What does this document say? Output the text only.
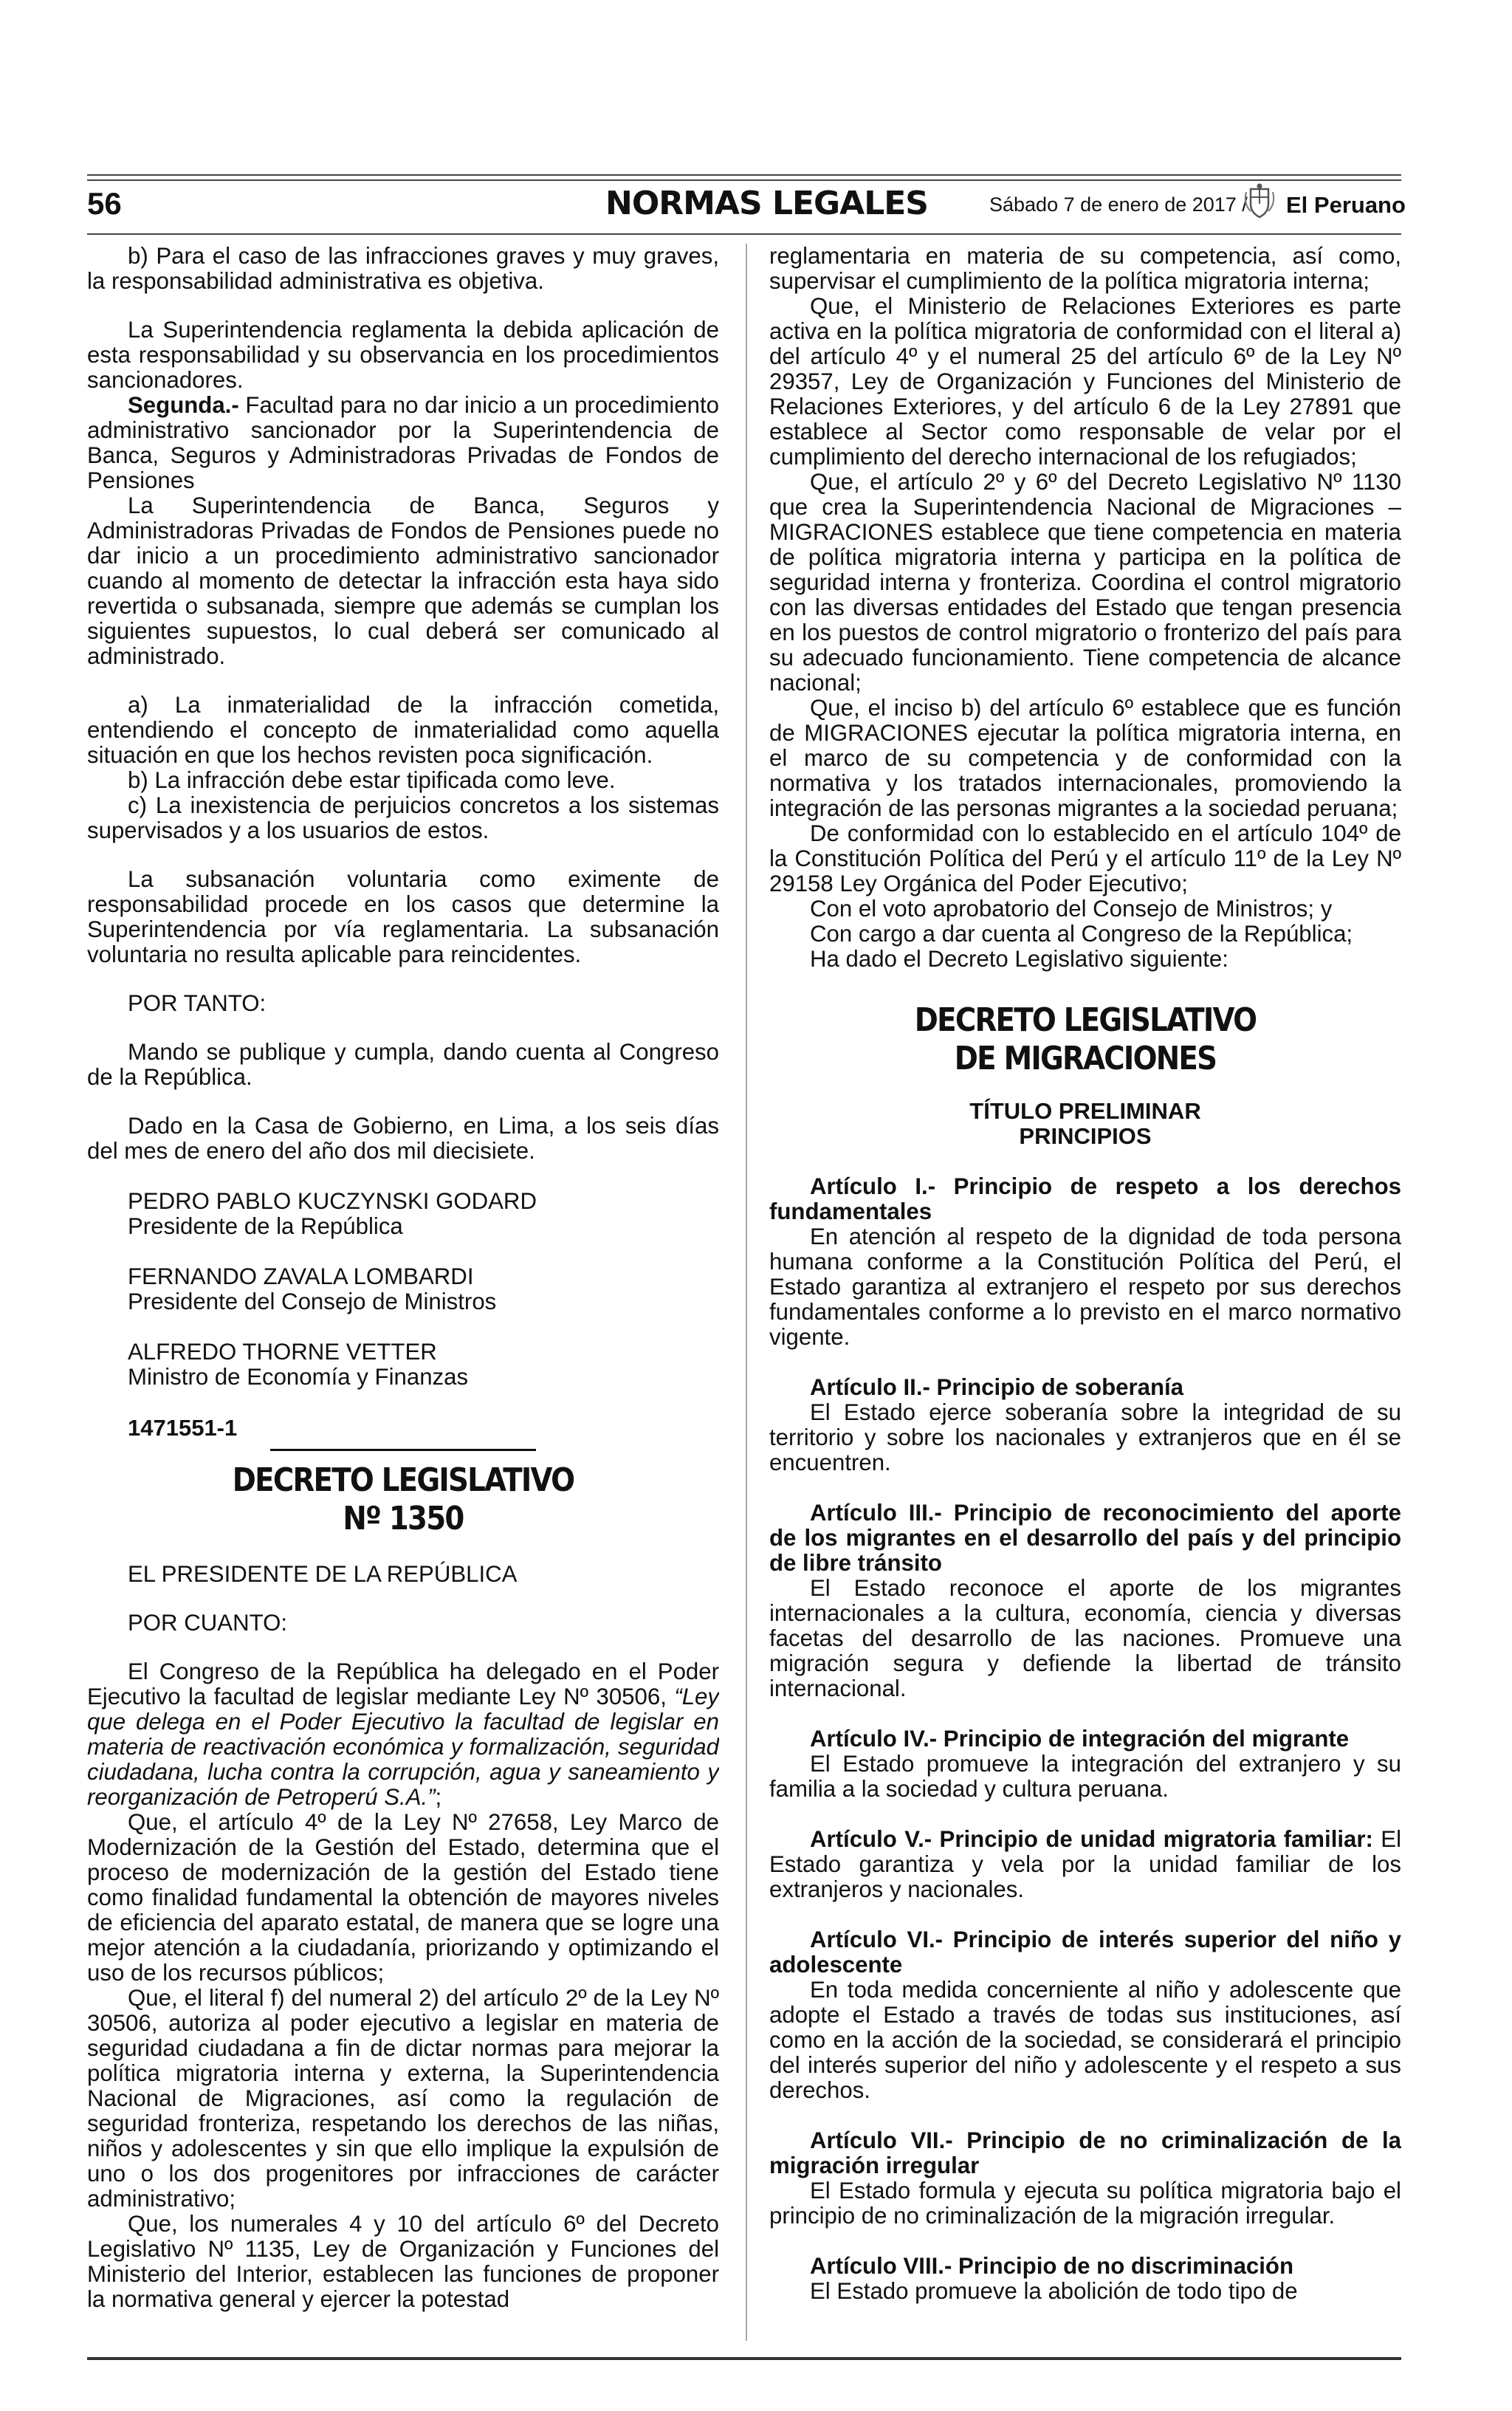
56	NORMAS LEGALES	Sábado 7 de enero de 2017 / El Peruano

b) Para el caso de las infracciones graves y muy graves, la responsabilidad administrativa es objetiva.

La Superintendencia reglamenta la debida aplicación de esta responsabilidad y su observancia en los procedimientos sancionadores.

Segunda.- Facultad para no dar inicio a un procedimiento administrativo sancionador por la Superintendencia de Banca, Seguros y Administradoras Privadas de Fondos de Pensiones

La Superintendencia de Banca, Seguros y Administradoras Privadas de Fondos de Pensiones puede no dar inicio a un procedimiento administrativo sancionador cuando al momento de detectar la infracción esta haya sido revertida o subsanada, siempre que además se cumplan los siguientes supuestos, lo cual deberá ser comunicado al administrado.

a) La inmaterialidad de la infracción cometida, entendiendo el concepto de inmaterialidad como aquella situación en que los hechos revisten poca significación.

b) La infracción debe estar tipificada como leve.

c) La inexistencia de perjuicios concretos a los sistemas supervisados y a los usuarios de estos.

La subsanación voluntaria como eximente de responsabilidad procede en los casos que determine la Superintendencia por vía reglamentaria. La subsanación voluntaria no resulta aplicable para reincidentes.

POR TANTO:

Mando se publique y cumpla, dando cuenta al Congreso de la República.

Dado en la Casa de Gobierno, en Lima, a los seis días del mes de enero del año dos mil diecisiete.

PEDRO PABLO KUCZYNSKI GODARD

Presidente de la República

FERNANDO ZAVALA LOMBARDI

Presidente del Consejo de Ministros

ALFREDO THORNE VETTER

Ministro de Economía y Finanzas

1471551-1
DECRETO LEGISLATIVO
Nº 1350

EL PRESIDENTE DE LA REPÚBLICA

POR CUANTO:

El Congreso de la República ha delegado en el Poder Ejecutivo la facultad de legislar mediante Ley Nº 30506, “Ley que delega en el Poder Ejecutivo la facultad de legislar en materia de reactivación económica y formalización, seguridad ciudadana, lucha contra la corrupción, agua y saneamiento y reorganización de Petroperú S.A.”;

Que, el artículo 4º de la Ley Nº 27658, Ley Marco de Modernización de la Gestión del Estado, determina que el proceso de modernización de la gestión del Estado tiene como finalidad fundamental la obtención de mayores niveles de eficiencia del aparato estatal, de manera que se logre una mejor atención a la ciudadanía, priorizando y optimizando el uso de los recursos públicos;

Que, el literal f) del numeral 2) del artículo 2º de la Ley Nº 30506, autoriza al poder ejecutivo a legislar en materia de seguridad ciudadana a fin de dictar normas para mejorar la política migratoria interna y externa, la Superintendencia Nacional de Migraciones, así como la regulación de seguridad fronteriza, respetando los derechos de las niñas, niños y adolescentes y sin que ello implique la expulsión de uno o los dos progenitores por infracciones de carácter administrativo;

Que, los numerales 4 y 10 del artículo 6º del Decreto Legislativo Nº 1135, Ley de Organización y Funciones del Ministerio del Interior, establecen las funciones de proponer la normativa general y ejercer la potestad

reglamentaria en materia de su competencia, así como, supervisar el cumplimiento de la política migratoria interna;

Que, el Ministerio de Relaciones Exteriores es parte activa en la política migratoria de conformidad con el literal a) del artículo 4º y el numeral 25 del artículo 6º de la Ley Nº 29357, Ley de Organización y Funciones del Ministerio de Relaciones Exteriores, y del artículo 6 de la Ley 27891 que establece al Sector como responsable de velar por el cumplimiento del derecho internacional de los refugiados;

Que, el artículo 2º y 6º del Decreto Legislativo Nº 1130 que crea la Superintendencia Nacional de Migraciones – MIGRACIONES establece que tiene competencia en materia de política migratoria interna y participa en la política de seguridad interna y fronteriza. Coordina el control migratorio con las diversas entidades del Estado que tengan presencia en los puestos de control migratorio o fronterizo del país para su adecuado funcionamiento. Tiene competencia de alcance nacional;

Que, el inciso b) del artículo 6º establece que es función de MIGRACIONES ejecutar la política migratoria interna, en el marco de su competencia y de conformidad con la normativa y los tratados internacionales, promoviendo la integración de las personas migrantes a la sociedad peruana;

De conformidad con lo establecido en el artículo 104º de la Constitución Política del Perú y el artículo 11º de la Ley Nº 29158 Ley Orgánica del Poder Ejecutivo;

Con el voto aprobatorio del Consejo de Ministros; y

Con cargo a dar cuenta al Congreso de la República;

Ha dado el Decreto Legislativo siguiente:

DECRETO LEGISLATIVO
DE MIGRACIONES
TÍTULO PRELIMINAR
PRINCIPIOS

Artículo I.- Principio de respeto a los derechos fundamentales

En atención al respeto de la dignidad de toda persona humana conforme a la Constitución Política del Perú, el Estado garantiza al extranjero el respeto por sus derechos fundamentales conforme a lo previsto en el marco normativo vigente.

Artículo II.- Principio de soberanía

El Estado ejerce soberanía sobre la integridad de su territorio y sobre los nacionales y extranjeros que en él se encuentren.

Artículo III.- Principio de reconocimiento del aporte de los migrantes en el desarrollo del país y del principio de libre tránsito

El Estado reconoce el aporte de los migrantes internacionales a la cultura, economía, ciencia y diversas facetas del desarrollo de las naciones. Promueve una migración segura y defiende la libertad de tránsito internacional.

Artículo IV.- Principio de integración del migrante

El Estado promueve la integración del extranjero y su familia a la sociedad y cultura peruana.

Artículo V.- Principio de unidad migratoria familiar: El Estado garantiza y vela por la unidad familiar de los extranjeros y nacionales.

Artículo VI.- Principio de interés superior del niño y adolescente

En toda medida concerniente al niño y adolescente que adopte el Estado a través de todas sus instituciones, así como en la acción de la sociedad, se considerará el principio del interés superior del niño y adolescente y el respeto a sus derechos.

Artículo VII.- Principio de no criminalización de la migración irregular

El Estado formula y ejecuta su política migratoria bajo el principio de no criminalización de la migración irregular.

Artículo VIII.- Principio de no discriminación

El Estado promueve la abolición de todo tipo de
